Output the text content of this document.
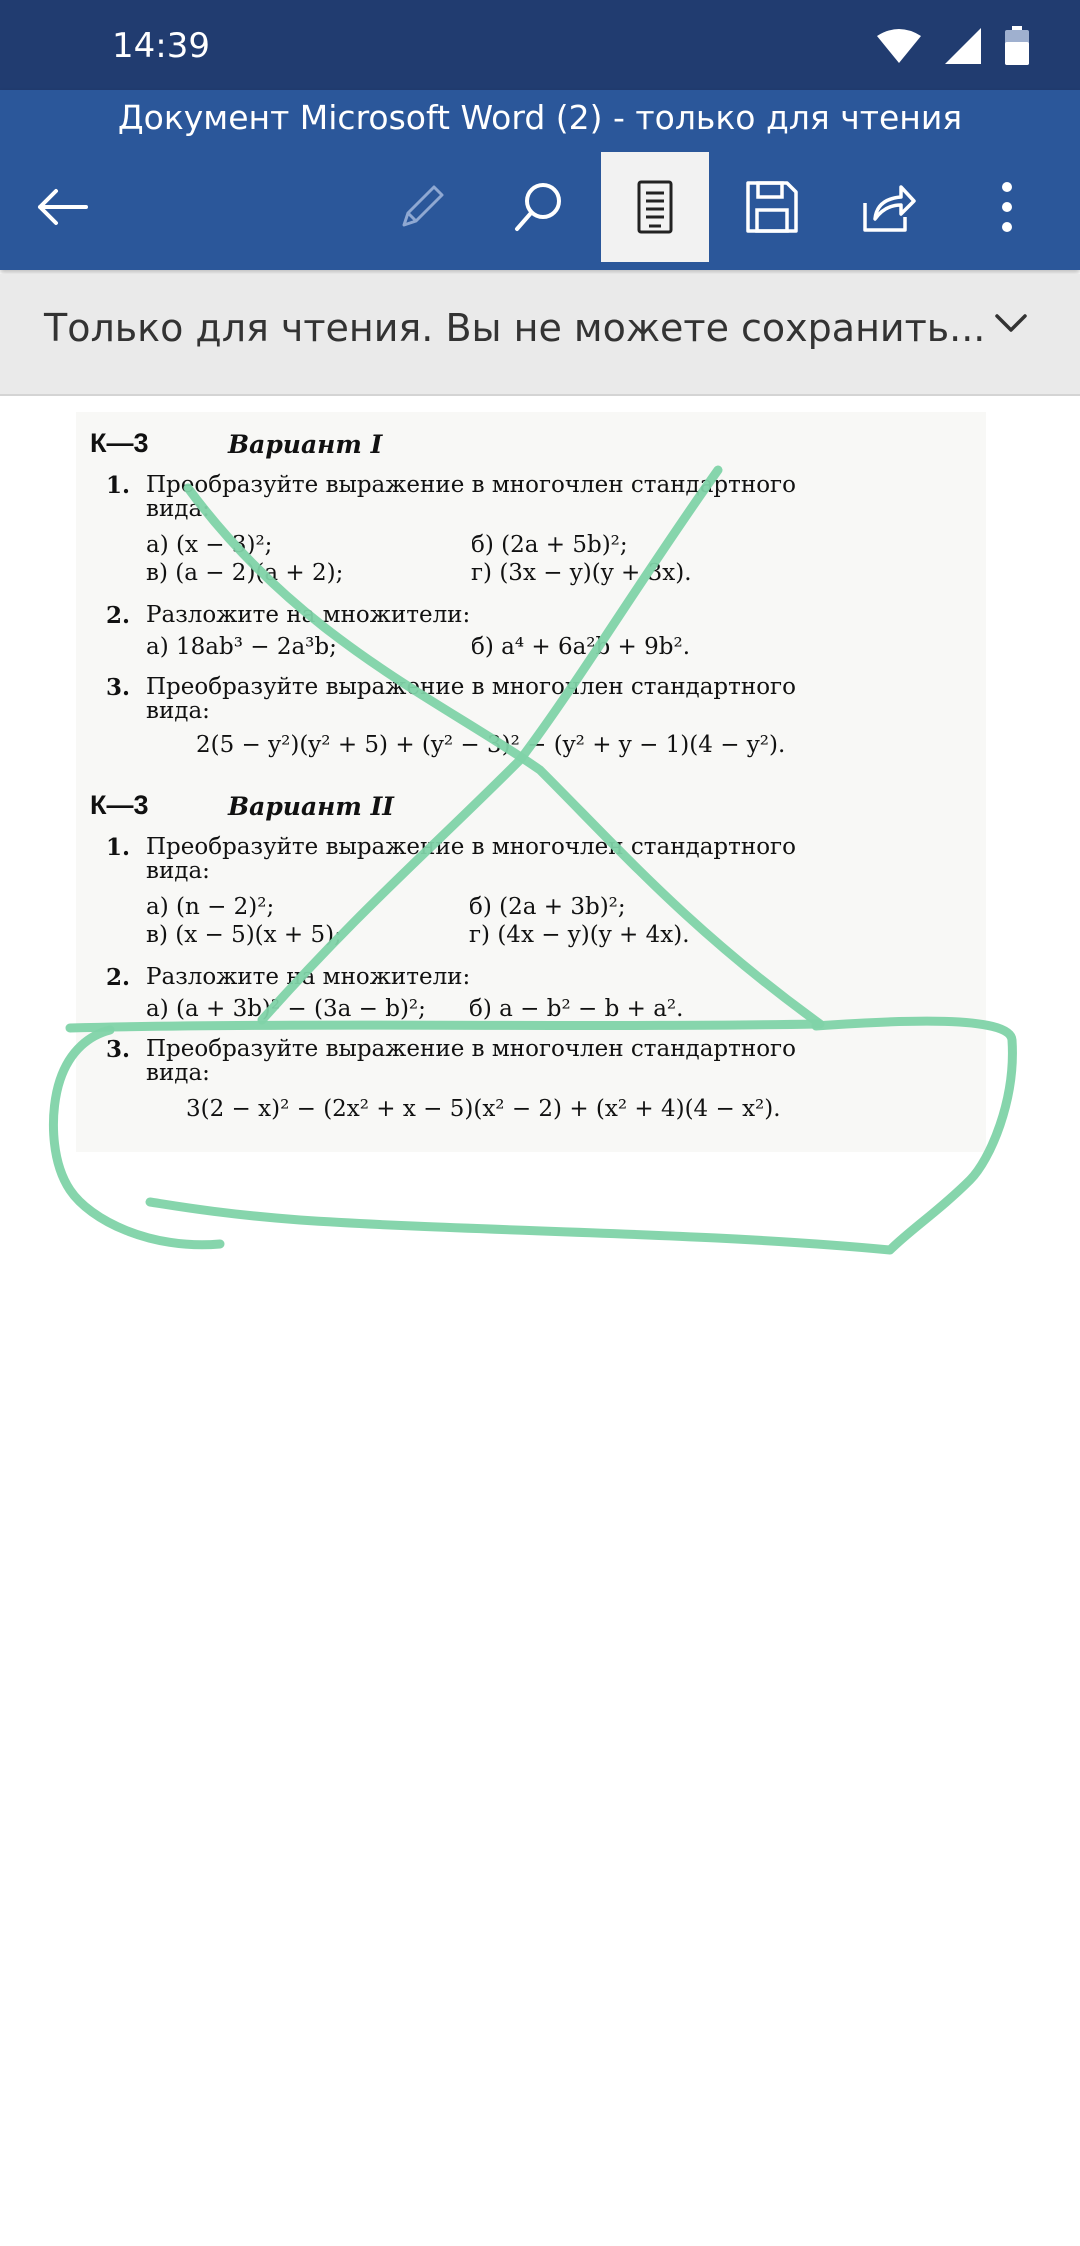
14:39
Документ Microsoft Word (2) - только для чтения
Только для чтения. Вы не можете сохранить...
К—3	Вариант I
1. Преобразуйте выражение в многочлен стандартного
вида:
а) (x − 3)²;	б) (2a + 5b)²;
в) (a − 2)(a + 2);	г) (3x − y)(y + 3x).
2. Разложите на множители:
а) 18ab³ − 2a³b;	б) a⁴ + 6a²b + 9b².
3. Преобразуйте выражение в многочлен стандартного
вида:
2(5 − y²)(y² + 5) + (y² − 3)² − (y² + y − 1)(4 − y²).
К—3	Вариант II
1. Преобразуйте выражение в многочлен стандартного
вида:
а) (n − 2)²;	б) (2a + 3b)²;
в) (x − 5)(x + 5);	г) (4x − y)(y + 4x).
2. Разложите на множители:
а) (a + 3b)² − (3a − b)²; б) a − b² − b + a².
3. Преобразуйте выражение в многочлен стандартного
вида:
3(2 − x)² − (2x² + x − 5)(x² − 2) + (x² + 4)(4 − x²).
